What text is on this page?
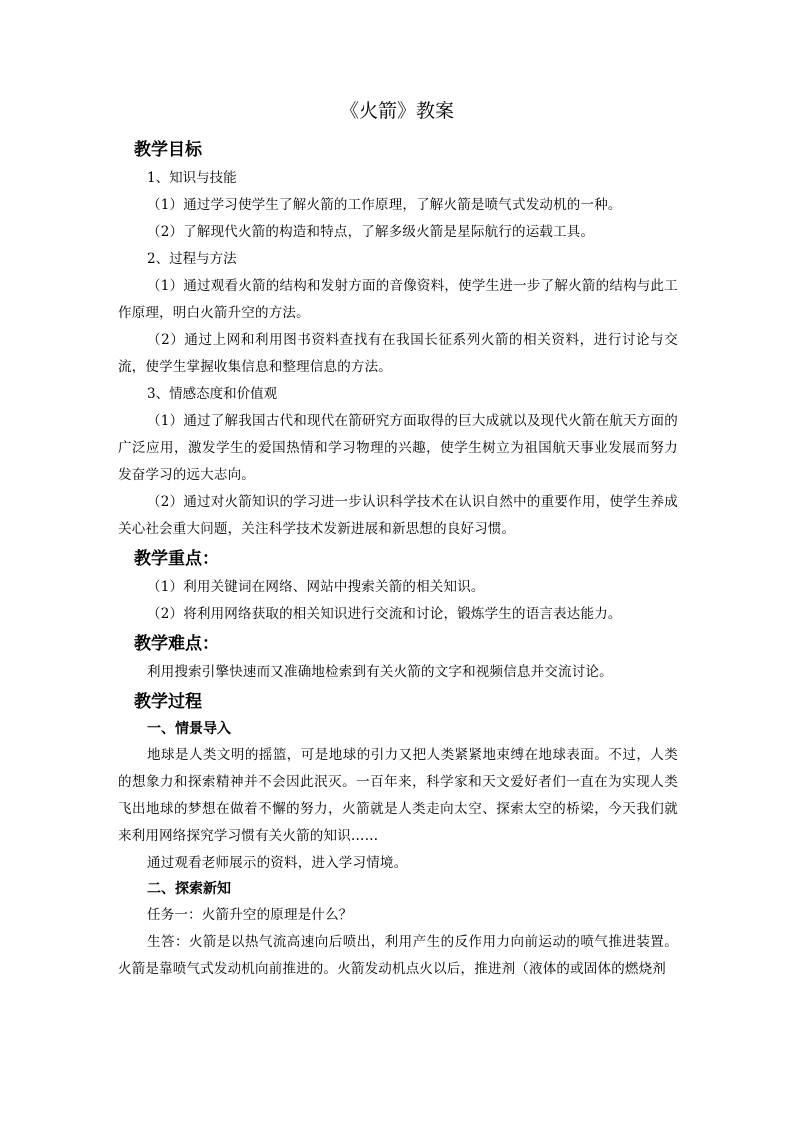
《火箭》教案
教学目标
1、知识与技能

（1）通过学习使学生了解火箭的工作原理，了解火箭是喷气式发动机的一种。

（2）了解现代火箭的构造和特点，了解多级火箭是星际航行的运载工具。

2、过程与方法

（1）通过观看火箭的结构和发射方面的音像资料，使学生进一步了解火箭的结构与此工作原理，明白火箭升空的方法。

（2）通过上网和利用图书资料查找有在我国长征系列火箭的相关资料，进行讨论与交流，使学生掌握收集信息和整理信息的方法。

3、情感态度和价值观

（1）通过了解我国古代和现代在箭研究方面取得的巨大成就以及现代火箭在航天方面的广泛应用，激发学生的爱国热情和学习物理的兴趣，使学生树立为祖国航天事业发展而努力发奋学习的远大志向。

（2）通过对火箭知识的学习进一步认识科学技术在认识自然中的重要作用，使学生养成关心社会重大问题，关注科学技术发新进展和新思想的良好习惯。

教学重点：

（1）利用关键词在网络、网站中搜索关箭的相关知识。

（2）将利用网络获取的相关知识进行交流和讨论，锻炼学生的语言表达能力。

教学难点：

利用搜索引擎快速而又准确地检索到有关火箭的文字和视频信息并交流讨论。

教学过程
一、情景导入

地球是人类文明的摇篮，可是地球的引力又把人类紧紧地束缚在地球表面。不过，人类的想象力和探索精神并不会因此泯灭。一百年来，科学家和天文爱好者们一直在为实现人类飞出地球的梦想在做着不懈的努力，火箭就是人类走向太空、探索太空的桥梁，今天我们就来利用网络探究学习惯有关火箭的知识……

通过观看老师展示的资料，进入学习情境。

二、探索新知

任务一：火箭升空的原理是什么？

生答：火箭是以热气流高速向后喷出，利用产生的反作用力向前运动的喷气推进装置。火箭是靠喷气式发动机向前推进的。火箭发动机点火以后，推进剂（液体的或固体的燃烧剂
